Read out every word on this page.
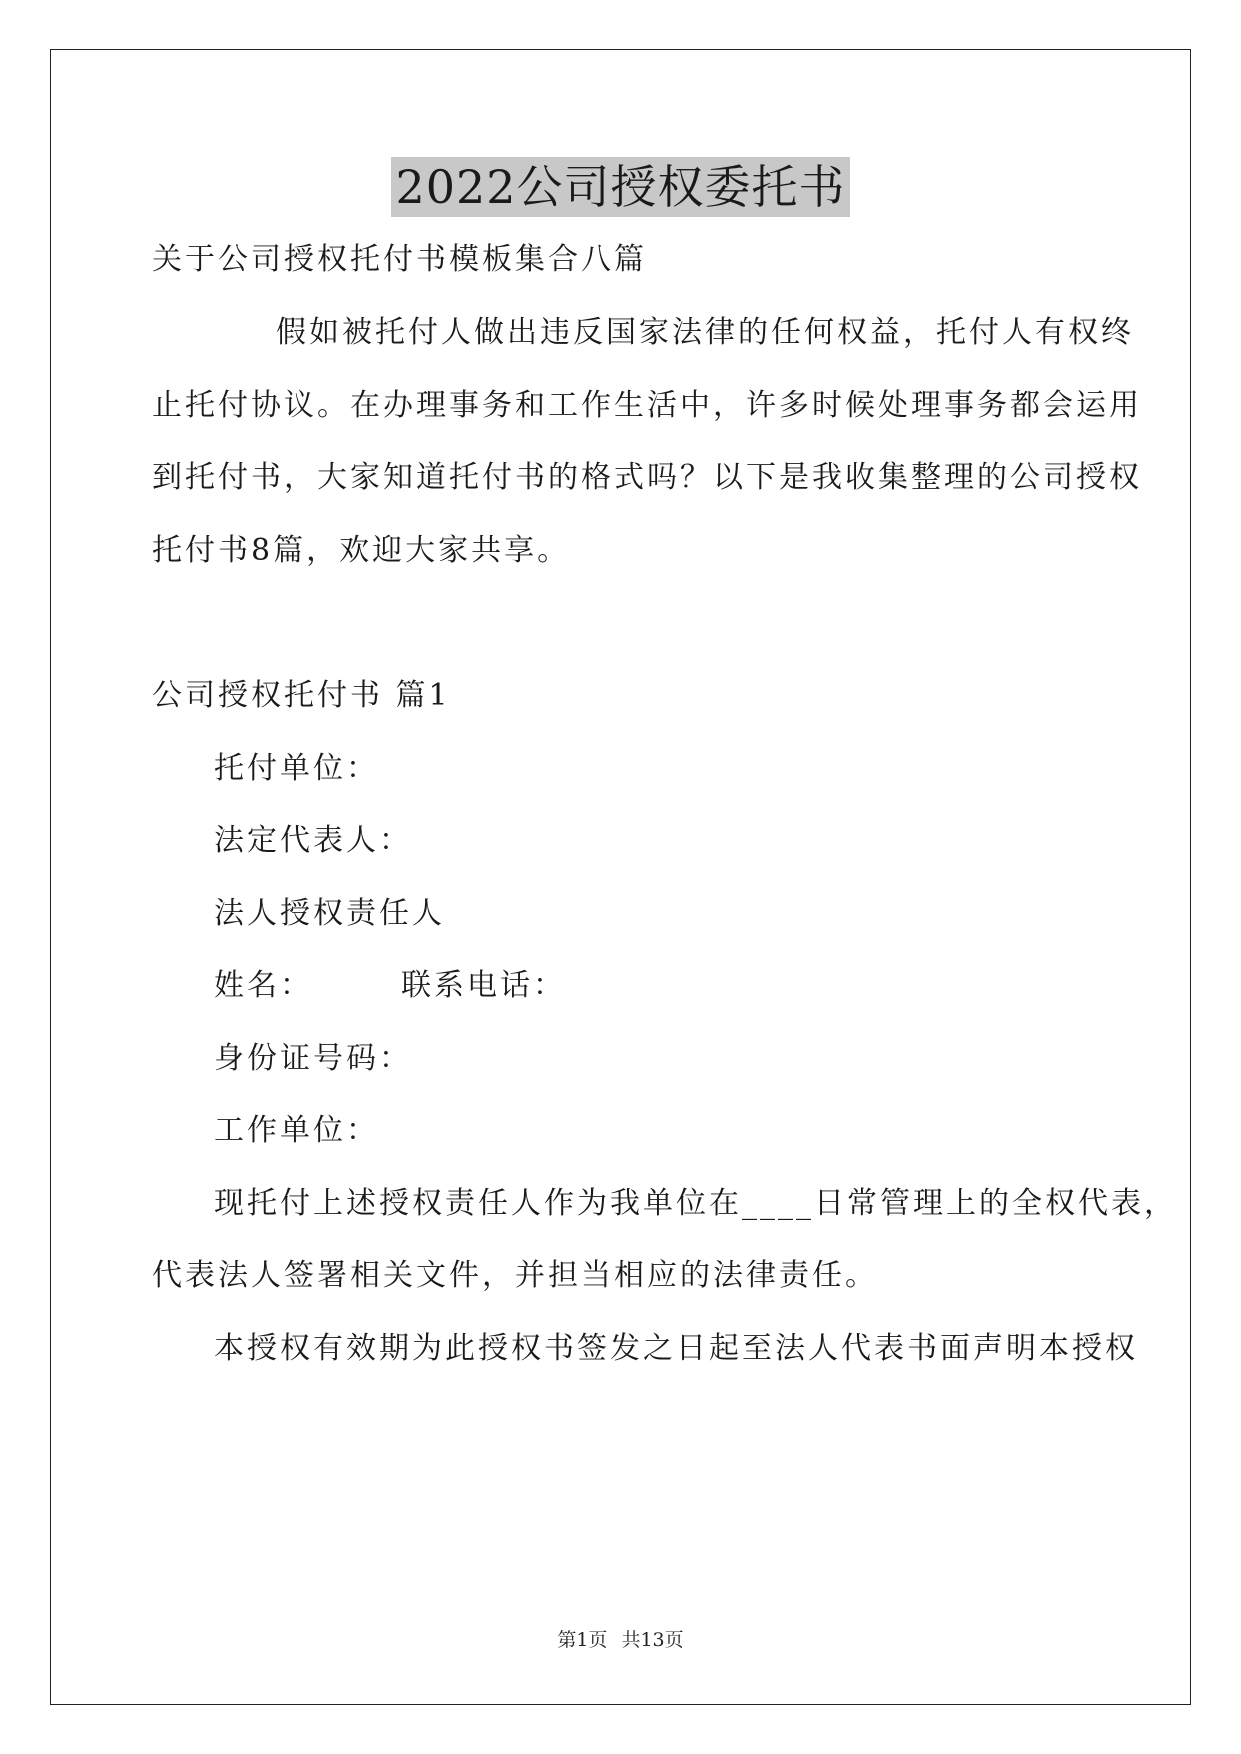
2022公司授权委托书
关于公司授权托付书模板集合八篇
假如被托付人做出违反国家法律的任何权益，托付人有权终
止托付协议。在办理事务和工作生活中，许多时候处理事务都会运用
到托付书，大家知道托付书的格式吗？以下是我收集整理的公司授权
托付书8篇，欢迎大家共享。
公司授权托付书 篇1
托付单位：
法定代表人：
法人授权责任人
姓名：	联系电话：
身份证号码：
工作单位：
现托付上述授权责任人作为我单位在____日常管理上的全权代表，
代表法人签署相关文件，并担当相应的法律责任。
本授权有效期为此授权书签发之日起至法人代表书面声明本授权
第1页 共13页
